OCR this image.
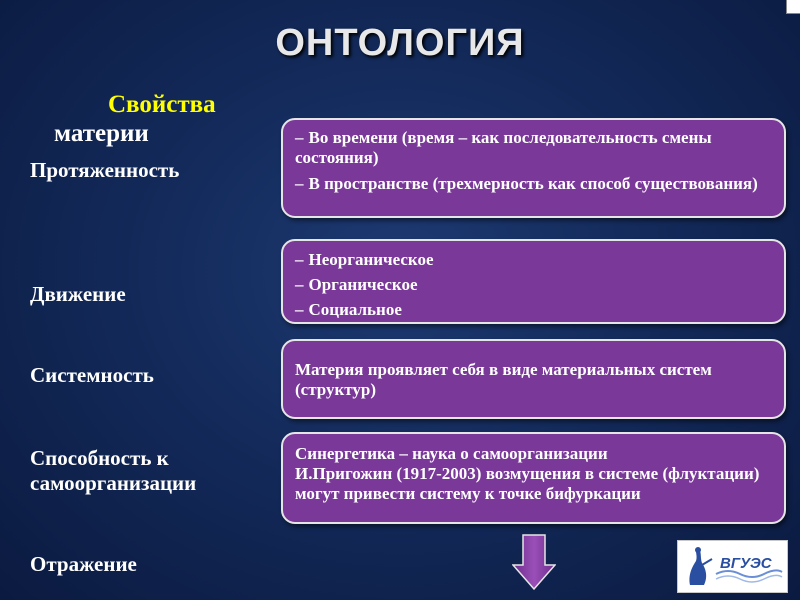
ОНТОЛОГИЯ
Свойства
материи
Протяженность
Движение
Системность
Способность к
самоорганизации
Отражение
– Во времени (время – как последовательность смены состояния)
– В пространстве (трехмерность как способ существования)
– Неорганическое
– Органическое
– Социальное
Материя проявляет себя в виде материальных систем (структур)
Синергетика – наука о самоорганизации
И.Пригожин (1917-2003) возмущения в системе (флуктации) могут привести систему к точке бифуркации
ВГУЭС
